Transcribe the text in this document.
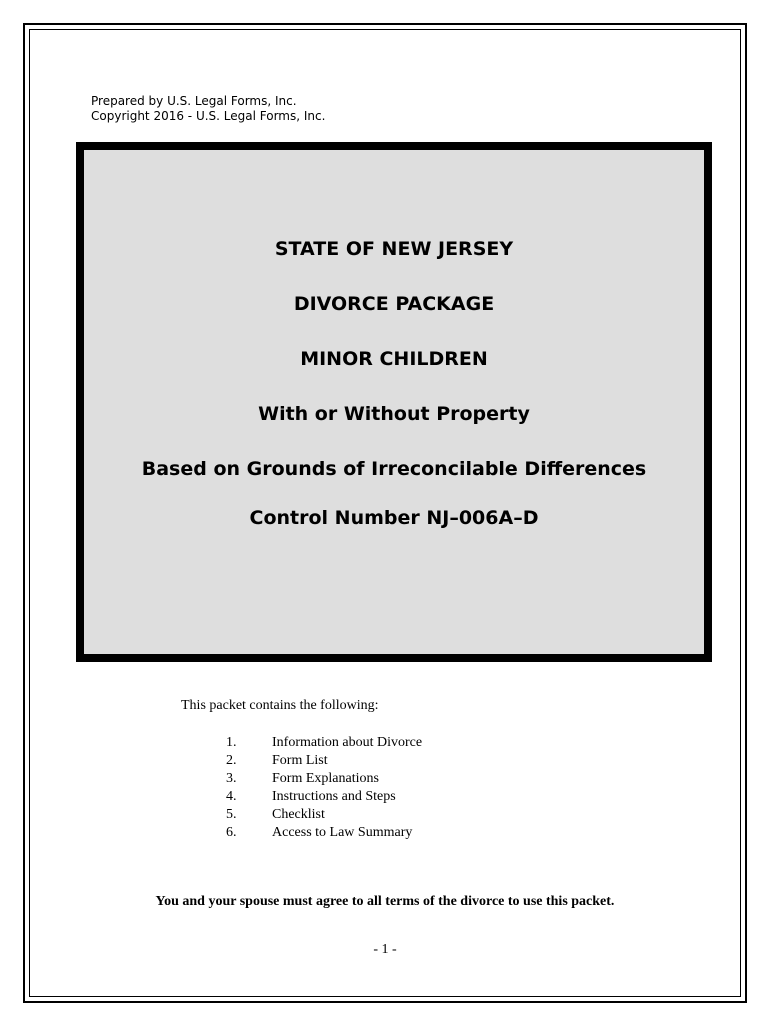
Prepared by U.S. Legal Forms, Inc.
Copyright 2016 - U.S. Legal Forms, Inc.
STATE OF NEW JERSEY
DIVORCE PACKAGE
MINOR CHILDREN
With or Without Property
Based on Grounds of Irreconcilable Differences
Control Number NJ–006A–D
This packet contains the following:
1.	Information about Divorce
2.	Form List
3.	Form Explanations
4.	Instructions and Steps
5.	Checklist
6.	Access to Law Summary
You and your spouse must agree to all terms of the divorce to use this packet.
- 1 -
